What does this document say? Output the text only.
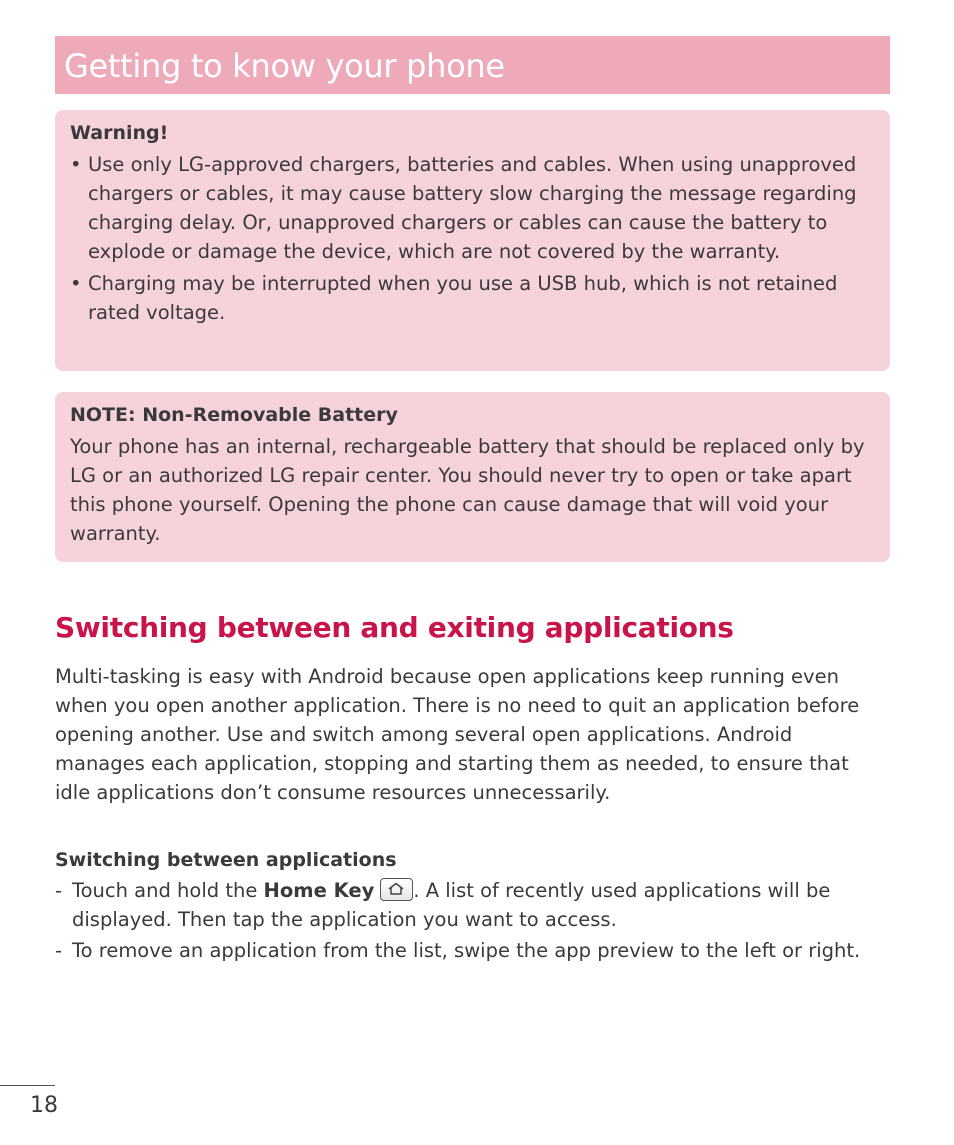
Getting to know your phone

Warning!

• Use only LG-approved chargers, batteries and cables. When using unapproved chargers or cables, it may cause battery slow charging the message regarding charging delay. Or, unapproved chargers or cables can cause the battery to explode or damage the device, which are not covered by the warranty.
• Charging may be interrupted when you use a USB hub, which is not retained rated voltage.

NOTE: Non-Removable Battery

Your phone has an internal, rechargeable battery that should be replaced only by LG or an authorized LG repair center. You should never try to open or take apart this phone yourself. Opening the phone can cause damage that will void your warranty.

Switching between and exiting applications

Multi-tasking is easy with Android because open applications keep running even when you open another application. There is no need to quit an application before opening another. Use and switch among several open applications. Android manages each application, stopping and starting them as needed, to ensure that idle applications don’t consume resources unnecessarily.

Switching between applications

- Touch and hold the Home Key . A list of recently used applications will be displayed. Then tap the application you want to access.
- To remove an application from the list, swipe the app preview to the left or right.
18
